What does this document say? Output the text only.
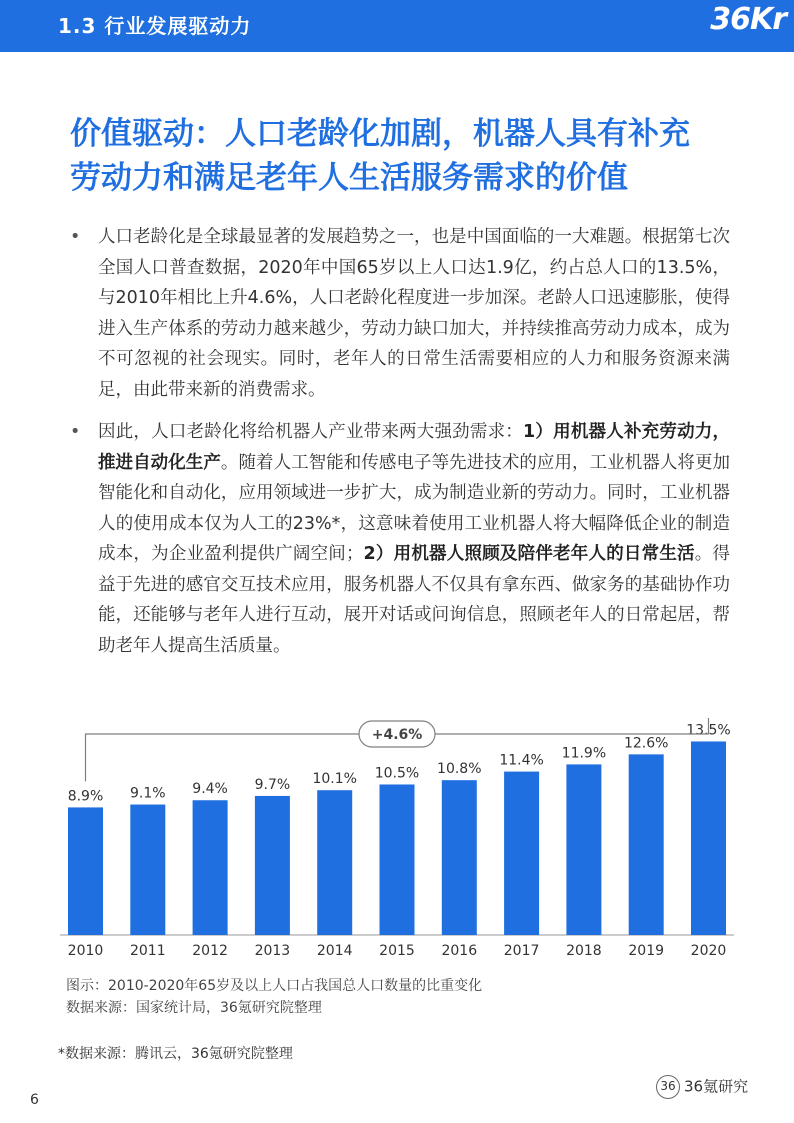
1.3 行业发展驱动力	36Kr
价值驱动：人口老龄化加剧，机器人具有补充
劳动力和满足老年人生活服务需求的价值
• 人口老龄化是全球最显著的发展趋势之一，也是中国面临的一大难题。根据第七次全国人口普查数据，2020年中国65岁以上人口达1.9亿，约占总人口的13.5%，与2010年相比上升4.6%，人口老龄化程度进一步加深。老龄人口迅速膨胀，使得进入生产体系的劳动力越来越少，劳动力缺口加大，并持续推高劳动力成本，成为不可忽视的社会现实。同时，老年人的日常生活需要相应的人力和服务资源来满足，由此带来新的消费需求。
• 因此，人口老龄化将给机器人产业带来两大强劲需求：1）用机器人补充劳动力，推进自动化生产。随着人工智能和传感电子等先进技术的应用，工业机器人将更加智能化和自动化，应用领域进一步扩大，成为制造业新的劳动力。同时，工业机器人的使用成本仅为人工的23%*，这意味着使用工业机器人将大幅降低企业的制造成本，为企业盈利提供广阔空间；2）用机器人照顾及陪伴老年人的日常生活。得益于先进的感官交互技术应用，服务机器人不仅具有拿东西、做家务的基础协作功能，还能够与老年人进行互动，展开对话或问询信息，照顾老年人的日常起居，帮助老年人提高生活质量。
8.9%
2010
9.1%
2011
9.4%
2012
9.7%
2013
10.1%
2014
10.5%
2015
10.8%
2016
11.4%
2017
11.9%
2018
12.6%
2019
13.5%
2020
+4.6%
图示：2010-2020年65岁及以上人口占我国总人口数量的比重变化
数据来源：国家统计局，36氪研究院整理
*数据来源：腾讯云，36氪研究院整理
6
36 36氪研究
